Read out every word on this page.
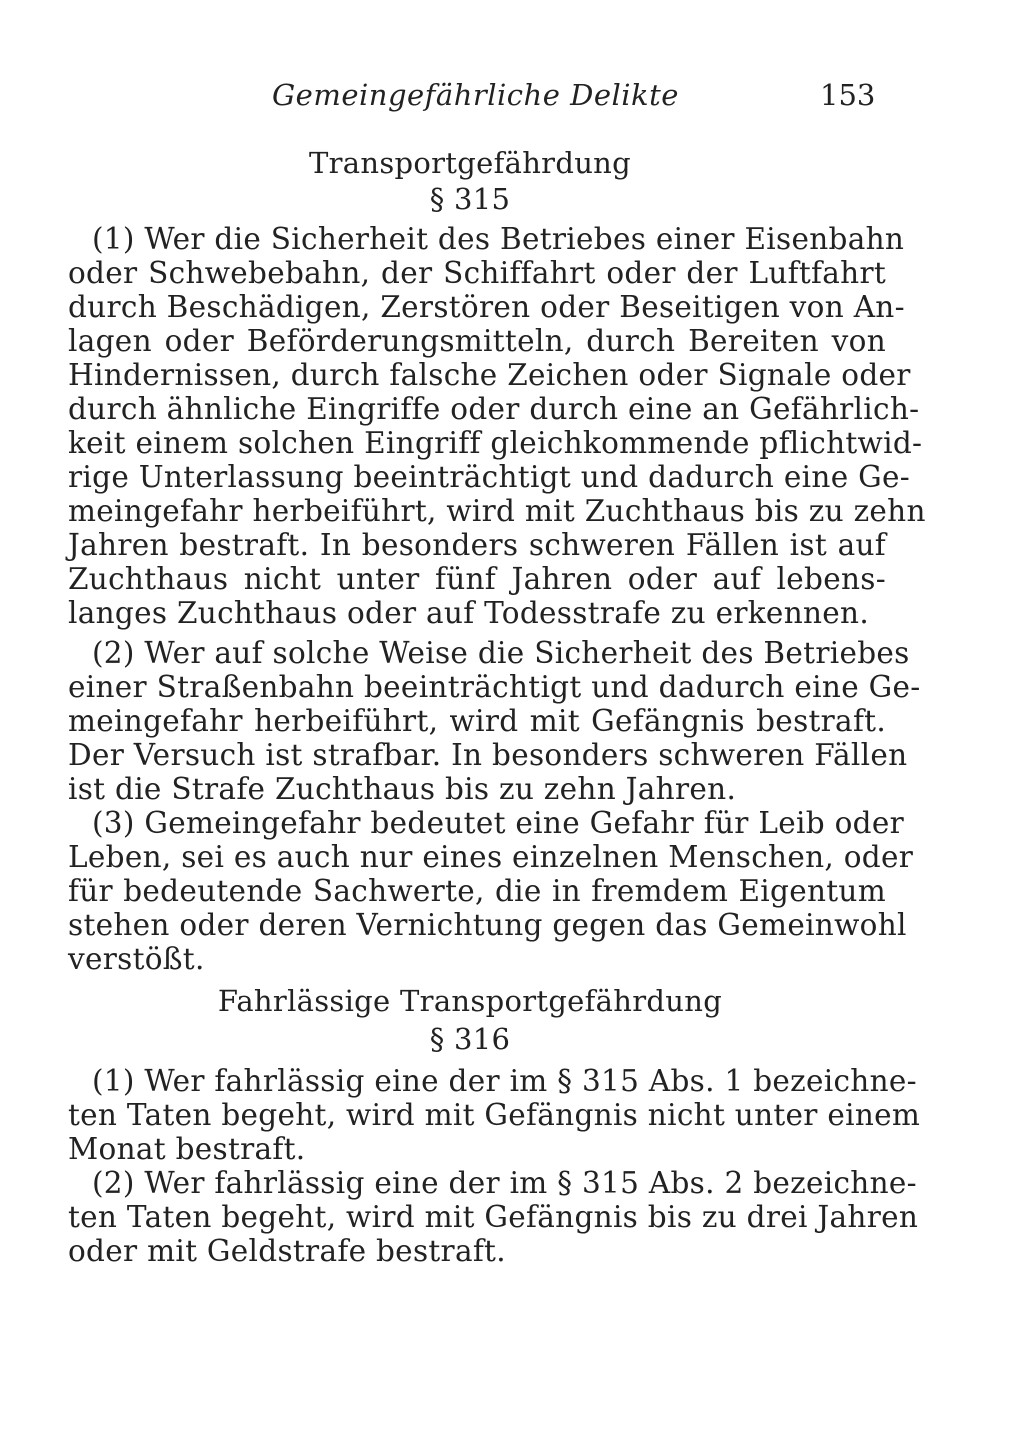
Gemeingefährliche Delikte	153
Transportgefährdung
§ 315
(1) Wer die Sicherheit des Betriebes einer Eisenbahn
oder Schwebebahn, der Schiffahrt oder der Luftfahrt
durch Beschädigen, Zerstören oder Beseitigen von An-
lagen oder Beförderungsmitteln, durch Bereiten von
Hindernissen, durch falsche Zeichen oder Signale oder
durch ähnliche Eingriffe oder durch eine an Gefährlich-
keit einem solchen Eingriff gleichkommende pflichtwid-
rige Unterlassung beeinträchtigt und dadurch eine Ge-
meingefahr herbeiführt, wird mit Zuchthaus bis zu zehn
Jahren bestraft. In besonders schweren Fällen ist auf
Zuchthaus nicht unter fünf Jahren oder auf lebens-
langes Zuchthaus oder auf Todesstrafe zu erkennen.
(2) Wer auf solche Weise die Sicherheit des Betriebes
einer Straßenbahn beeinträchtigt und dadurch eine Ge-
meingefahr herbeiführt, wird mit Gefängnis bestraft.
Der Versuch ist strafbar. In besonders schweren Fällen
ist die Strafe Zuchthaus bis zu zehn Jahren.
(3) Gemeingefahr bedeutet eine Gefahr für Leib oder
Leben, sei es auch nur eines einzelnen Menschen, oder
für bedeutende Sachwerte, die in fremdem Eigentum
stehen oder deren Vernichtung gegen das Gemeinwohl
verstößt.
Fahrlässige Transportgefährdung
§ 316
(1) Wer fahrlässig eine der im § 315 Abs. 1 bezeichne-
ten Taten begeht, wird mit Gefängnis nicht unter einem
Monat bestraft.
(2) Wer fahrlässig eine der im § 315 Abs. 2 bezeichne-
ten Taten begeht, wird mit Gefängnis bis zu drei Jahren
oder mit Geldstrafe bestraft.
